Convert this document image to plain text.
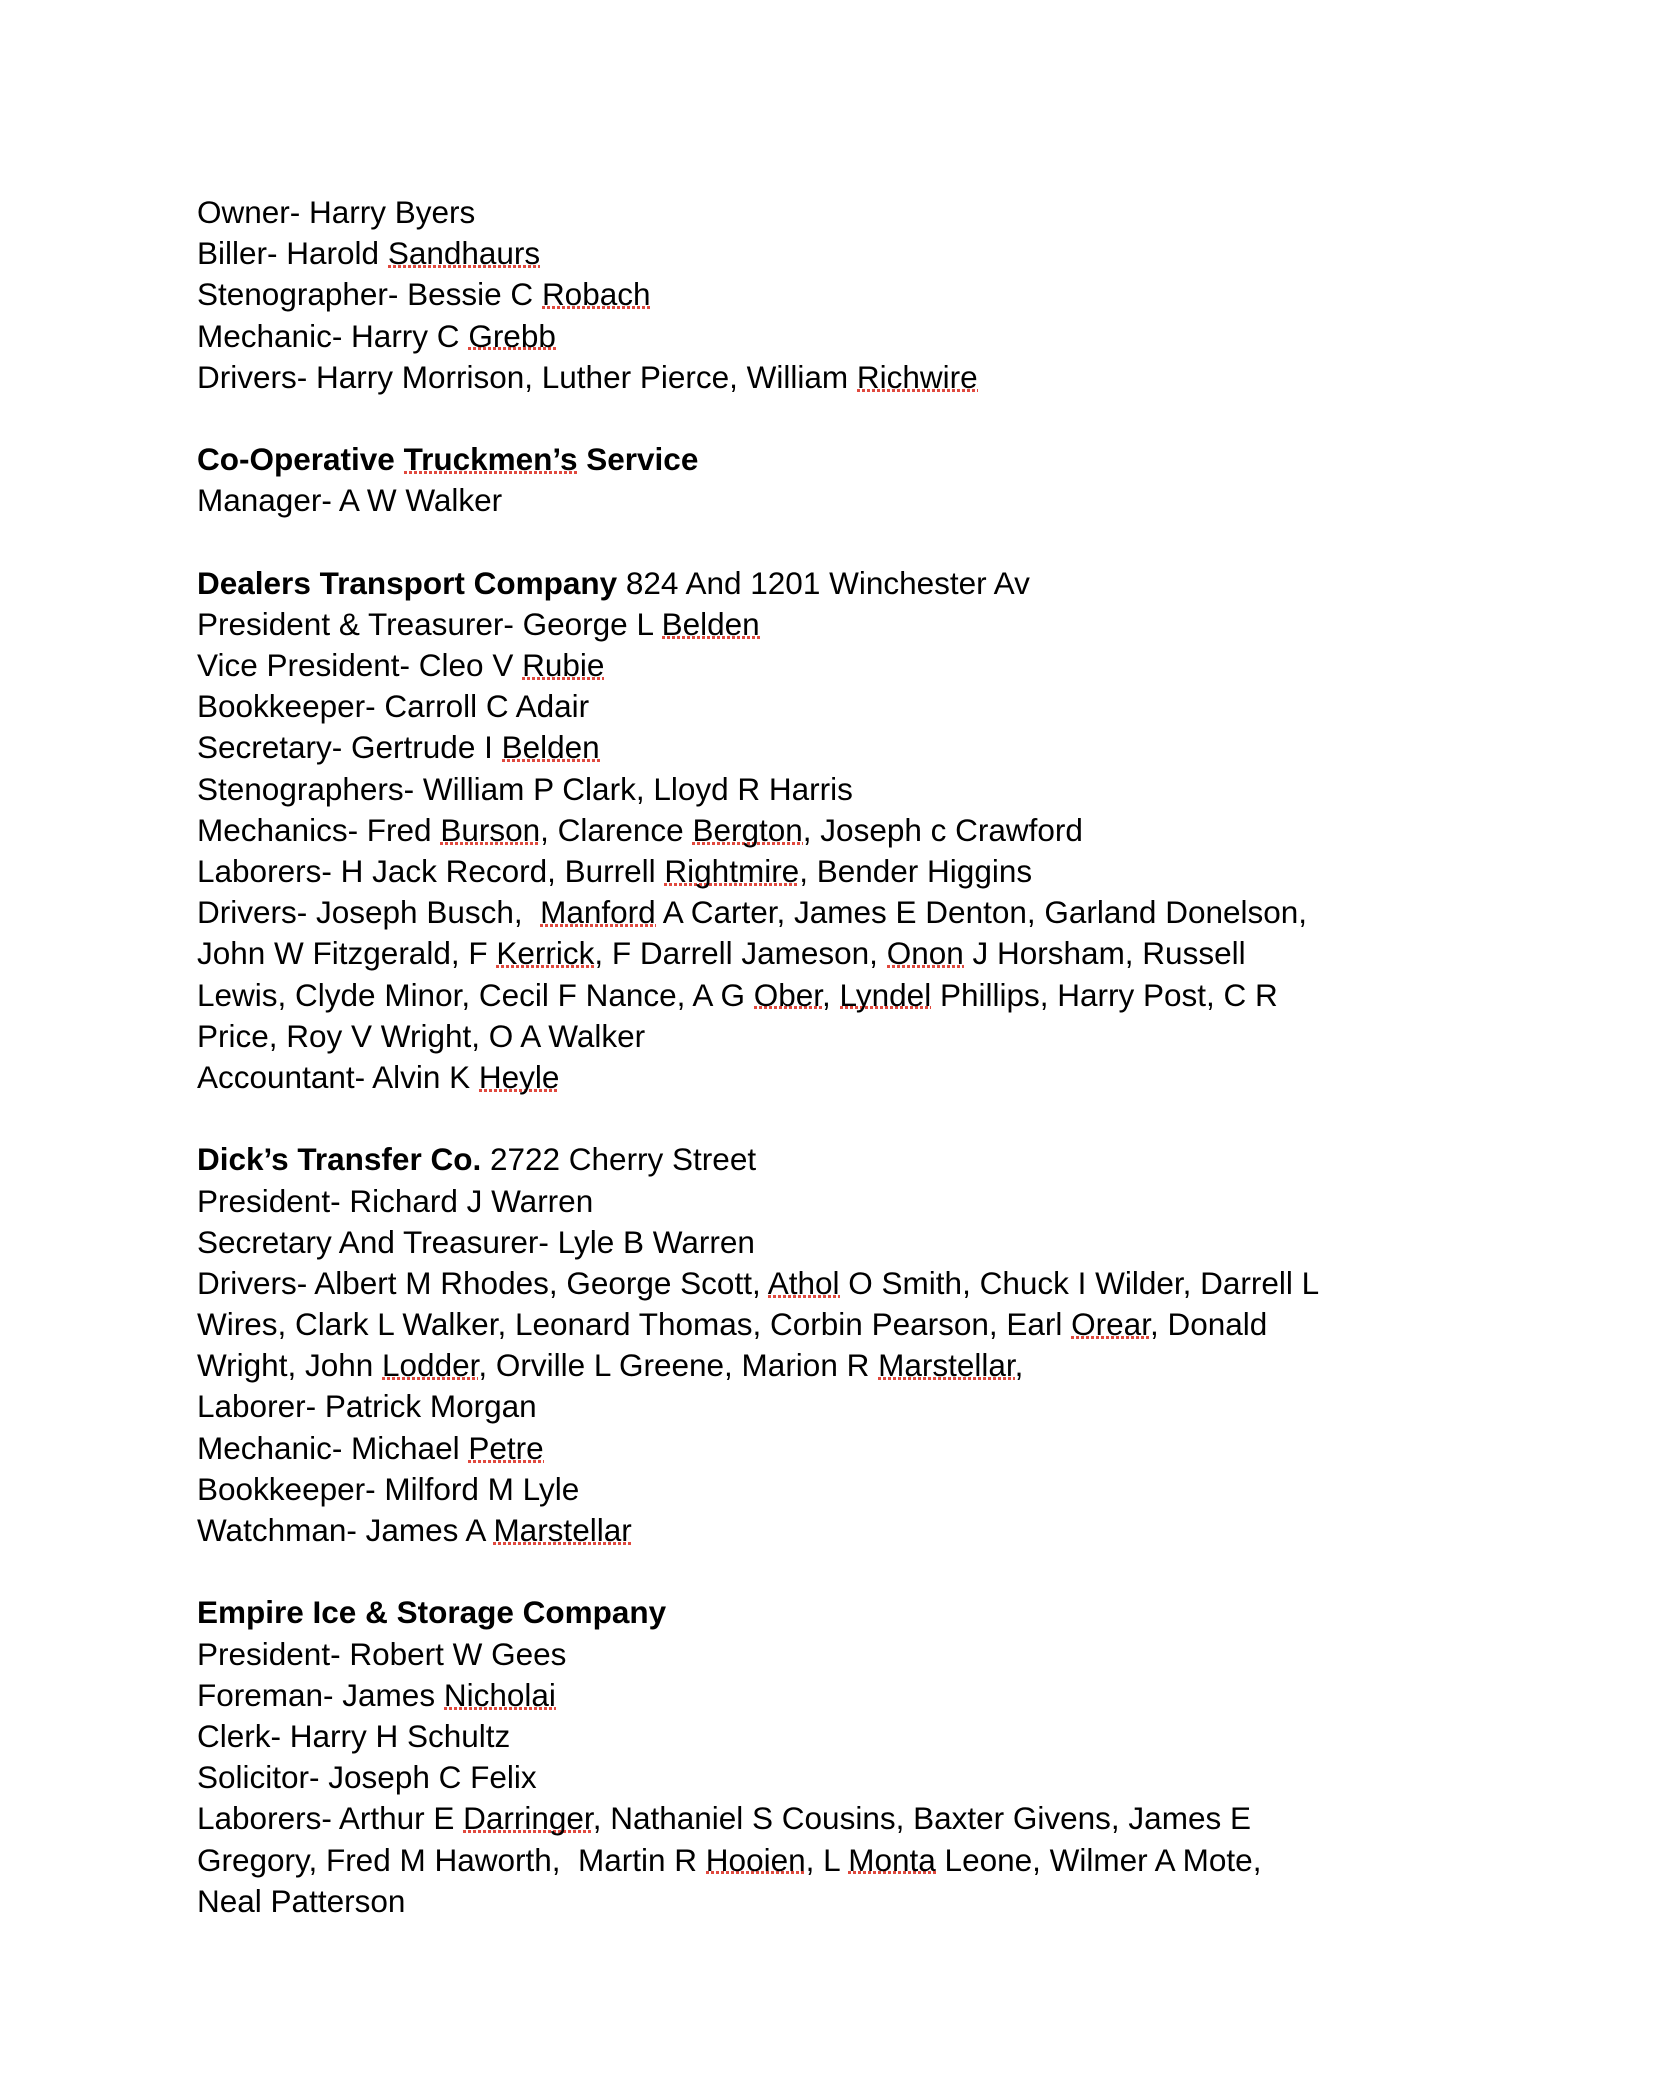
Owner- Harry Byers
Biller- Harold Sandhaurs
Stenographer- Bessie C Robach
Mechanic- Harry C Grebb
Drivers- Harry Morrison, Luther Pierce, William Richwire
Co-Operative Truckmen’s Service
Manager- A W Walker
Dealers Transport Company 824 And 1201 Winchester Av
President & Treasurer- George L Belden
Vice President- Cleo V Rubie
Bookkeeper- Carroll C Adair
Secretary- Gertrude I Belden
Stenographers- William P Clark, Lloyd R Harris
Mechanics- Fred Burson, Clarence Bergton, Joseph c Crawford
Laborers- H Jack Record, Burrell Rightmire, Bender Higgins
Drivers- Joseph Busch,  Manford A Carter, James E Denton, Garland Donelson,
John W Fitzgerald, F Kerrick, F Darrell Jameson, Onon J Horsham, Russell
Lewis, Clyde Minor, Cecil F Nance, A G Ober, Lyndel Phillips, Harry Post, C R
Price, Roy V Wright, O A Walker
Accountant- Alvin K Heyle
Dick’s Transfer Co. 2722 Cherry Street
President- Richard J Warren
Secretary And Treasurer- Lyle B Warren
Drivers- Albert M Rhodes, George Scott, Athol O Smith, Chuck I Wilder, Darrell L
Wires, Clark L Walker, Leonard Thomas, Corbin Pearson, Earl Orear, Donald
Wright, John Lodder, Orville L Greene, Marion R Marstellar,
Laborer- Patrick Morgan
Mechanic- Michael Petre
Bookkeeper- Milford M Lyle
Watchman- James A Marstellar
Empire Ice & Storage Company
President- Robert W Gees
Foreman- James Nicholai
Clerk- Harry H Schultz
Solicitor- Joseph C Felix
Laborers- Arthur E Darringer, Nathaniel S Cousins, Baxter Givens, James E
Gregory, Fred M Haworth,  Martin R Hooien, L Monta Leone, Wilmer A Mote,
Neal Patterson
